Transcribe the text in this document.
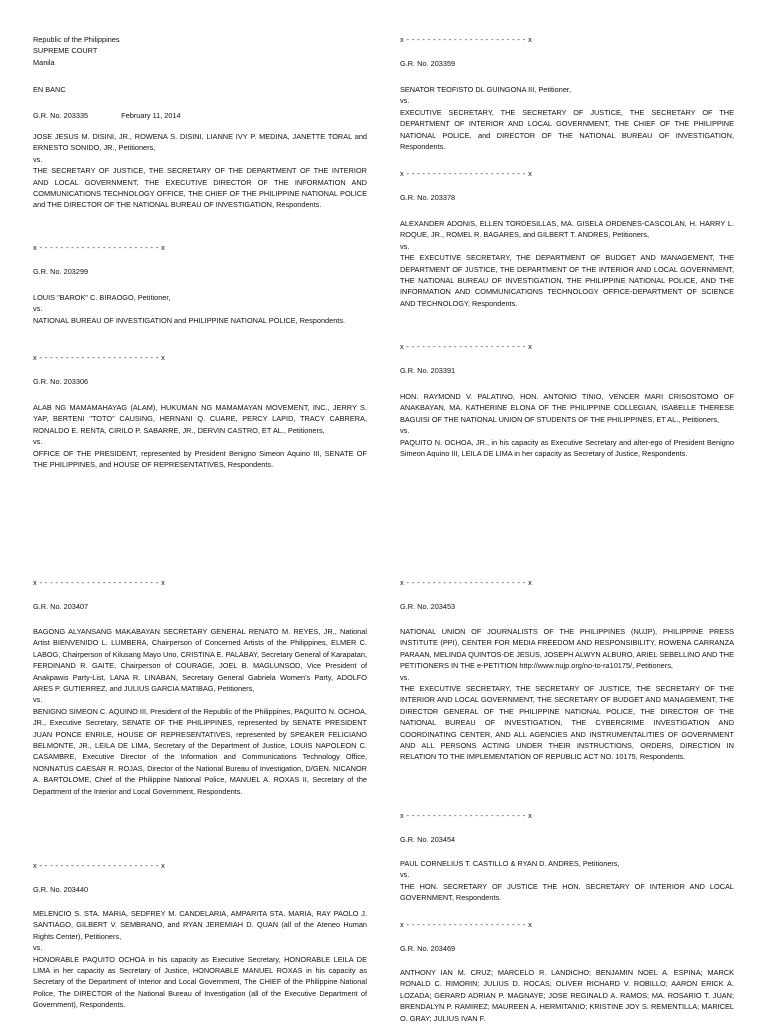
Republic of the Philippines
SUPREME COURT
Manila
EN BANC
G.R. No. 203335	February 11, 2014
JOSE JESUS M. DISINI, JR., ROWENA S. DISINI, LIANNE IVY P. MEDINA, JANETTE TORAL and ERNESTO SONIDO, JR., Petitioners,
vs.
THE SECRETARY OF JUSTICE, THE SECRETARY OF THE DEPARTMENT OF THE INTERIOR AND LOCAL GOVERNMENT, THE EXECUTIVE DIRECTOR OF THE INFORMATION AND COMMUNICATIONS TECHNOLOGY OFFICE, THE CHIEF OF THE PHILIPPINE NATIONAL POLICE and THE DIRECTOR OF THE NATIONAL BUREAU OF INVESTIGATION, Respondents.
x - - - - - - - - - - - - - - - - - - - - - - - x
G.R. No. 203299
LOUIS "BAROK" C. BIRAOGO, Petitioner,
vs.
NATIONAL BUREAU OF INVESTIGATION and PHILIPPINE NATIONAL POLICE, Respondents.
x - - - - - - - - - - - - - - - - - - - - - - - x
G.R. No. 203306
ALAB NG MAMAMAHAYAG (ALAM), HUKUMAN NG MAMAMAYAN MOVEMENT, INC., JERRY S. YAP, BERTENI "TOTO" CAUSING, HERNANI Q. CUARE, PERCY LAPID, TRACY CABRERA, RONALDO E. RENTA, CIRILO P. SABARRE, JR., DERVIN CASTRO, ET AL., Petitioners,
vs.
OFFICE OF THE PRESIDENT, represented by President Benigno Simeon Aquino III, SENATE OF THE PHILIPPINES, and HOUSE OF REPRESENTATIVES, Respondents.
x - - - - - - - - - - - - - - - - - - - - - - - x
G.R. No. 203359
SENATOR TEOFISTO DL GUINGONA III, Petitioner,
vs.
EXECUTIVE SECRETARY, THE SECRETARY OF JUSTICE, THE SECRETARY OF THE DEPARTMENT OF INTERIOR AND LOCAL GOVERNMENT, THE CHIEF OF THE PHILIPPINE NATIONAL POLICE, and DIRECTOR OF THE NATIONAL BUREAU OF INVESTIGATION, Respondents.
x - - - - - - - - - - - - - - - - - - - - - - - x
G.R. No. 203378
ALEXANDER ADONIS, ELLEN TORDESILLAS, MA. GISELA ORDENES-CASCOLAN, H. HARRY L. ROQUE, JR., ROMEL R. BAGARES, and GILBERT T. ANDRES, Petitioners,
vs.
THE EXECUTIVE SECRETARY, THE DEPARTMENT OF BUDGET AND MANAGEMENT, THE DEPARTMENT OF JUSTICE, THE DEPARTMENT OF THE INTERIOR AND LOCAL GOVERNMENT, THE NATIONAL BUREAU OF INVESTIGATION, THE PHILIPPINE NATIONAL POLICE, AND THE INFORMATION AND COMMUNICATIONS TECHNOLOGY OFFICE-DEPARTMENT OF SCIENCE AND TECHNOLOGY, Respondents.
x - - - - - - - - - - - - - - - - - - - - - - - x
G.R. No. 203391
HON. RAYMOND V. PALATINO, HON. ANTONIO TINIO, VENCER MARI CRISOSTOMO OF ANAKBAYAN, MA. KATHERINE ELONA OF THE PHILIPPINE COLLEGIAN, ISABELLE THERESE BAGUISI OF THE NATIONAL UNION OF STUDENTS OF THE PHILIPPINES, ET AL., Petitioners,
vs.
PAQUITO N. OCHOA, JR., in his capacity as Executive Secretary and alter-ego of President Benigno Simeon Aquino III, LEILA DE LIMA in her capacity as Secretary of Justice, Respondents.
x - - - - - - - - - - - - - - - - - - - - - - - x
G.R. No. 203407
BAGONG ALYANSANG MAKABAYAN SECRETARY GENERAL RENATO M. REYES, JR., National Artist BIENVENIDO L. LUMBERA, Chairperson of Concerned Artists of the Philippines, ELMER C. LABOG, Chairperson of Kilusang Mayo Uno, CRISTINA E. PALABAY, Secretary General of Karapatan, FERDINAND R. GAITE, Chairperson of COURAGE, JOEL B. MAGLUNSOD, Vice President of Anakpawis Party-List, LANA R. LINABAN, Secretary General Gabriela Women's Party, ADOLFO ARES P. GUTIERREZ, and JULIUS GARCIA MATIBAG, Petitioners,
vs.
BENIGNO SIMEON C. AQUINO III, President of the Republic of the Philippines, PAQUITO N. OCHOA, JR., Executive Secretary, SENATE OF THE PHILIPPINES, represented by SENATE PRESIDENT JUAN PONCE ENRILE, HOUSE OF REPRESENTATIVES, represented by SPEAKER FELICIANO BELMONTE, JR., LEILA DE LIMA, Secretary of the Department of Justice, LOUIS NAPOLEON C. CASAMBRE, Executive Director of the Information and Communications Technology Office, NONNATUS CAESAR R. ROJAS, Director of the National Bureau of Investigation, D/GEN. NICANOR A. BARTOLOME, Chief of the Philippine National Police, MANUEL A. ROXAS II, Secretary of the Department of the Interior and Local Government, Respondents.
x - - - - - - - - - - - - - - - - - - - - - - - x
G.R. No. 203440
MELENCIO S. STA. MARIA, SEDFREY M. CANDELARIA, AMPARITA STA. MARIA, RAY PAOLO J. SANTIAGO, GILBERT V. SEMBRANO, and RYAN JEREMIAH D. QUAN (all of the Ateneo Human Rights Center), Petitioners,
vs.
HONORABLE PAQUITO OCHOA in his capacity as Executive Secretary, HONORABLE LEILA DE LIMA in her capacity as Secretary of Justice, HONORABLE MANUEL ROXAS in his capacity as Secretary of the Department of Interior and Local Government, The CHIEF of the Philippine National Police, The DIRECTOR of the National Bureau of Investigation (all of the Executive Department of Government), Respondents.
x - - - - - - - - - - - - - - - - - - - - - - - x
G.R. No. 203453
NATIONAL UNION OF JOURNALISTS OF THE PHILIPPINES (NUJP), PHILIPPINE PRESS INSTITUTE (PPI), CENTER FOR MEDIA FREEDOM AND RESPONSIBILITY, ROWENA CARRANZA PARAAN, MELINDA QUINTOS-DE JESUS, JOSEPH ALWYN ALBURO, ARIEL SEBELLINO AND THE PETITIONERS IN THE e-PETITION http://www.nujp.org/no-to-ra10175/, Petitioners,
vs.
THE EXECUTIVE SECRETARY, THE SECRETARY OF JUSTICE, THE SECRETARY OF THE INTERIOR AND LOCAL GOVERNMENT, THE SECRETARY OF BUDGET AND MANAGEMENT, THE DIRECTOR GENERAL OF THE PHILIPPINE NATIONAL POLICE, THE DIRECTOR OF THE NATIONAL BUREAU OF INVESTIGATION, THE CYBERCRIME INVESTIGATION AND COORDINATING CENTER, AND ALL AGENCIES AND INSTRUMENTALITIES OF GOVERNMENT AND ALL PERSONS ACTING UNDER THEIR INSTRUCTIONS, ORDERS, DIRECTION IN RELATION TO THE IMPLEMENTATION OF REPUBLIC ACT NO. 10175, Respondents.
x - - - - - - - - - - - - - - - - - - - - - - - x
G.R. No. 203454
PAUL CORNELIUS T. CASTILLO & RYAN D. ANDRES, Petitioners,
vs.
THE HON. SECRETARY OF JUSTICE THE HON. SECRETARY OF INTERIOR AND LOCAL GOVERNMENT, Respondents.
x - - - - - - - - - - - - - - - - - - - - - - - x
G.R. No. 203469
ANTHONY IAN M. CRUZ; MARCELO R. LANDICHO; BENJAMIN NOEL A. ESPINA; MARCK RONALD C. RIMORIN; JULIUS D. ROCAS; OLIVER RICHARD V. ROBILLO; AARON ERICK A. LOZADA; GERARD ADRIAN P. MAGNAYE; JOSE REGINALD A. RAMOS; MA. ROSARIO T. JUAN; BRENDALYN P. RAMIREZ; MAUREEN A. HERMITANIO; KRISTINE JOY S. REMENTILLA; MARICEL O. GRAY; JULIUS IVAN F.
